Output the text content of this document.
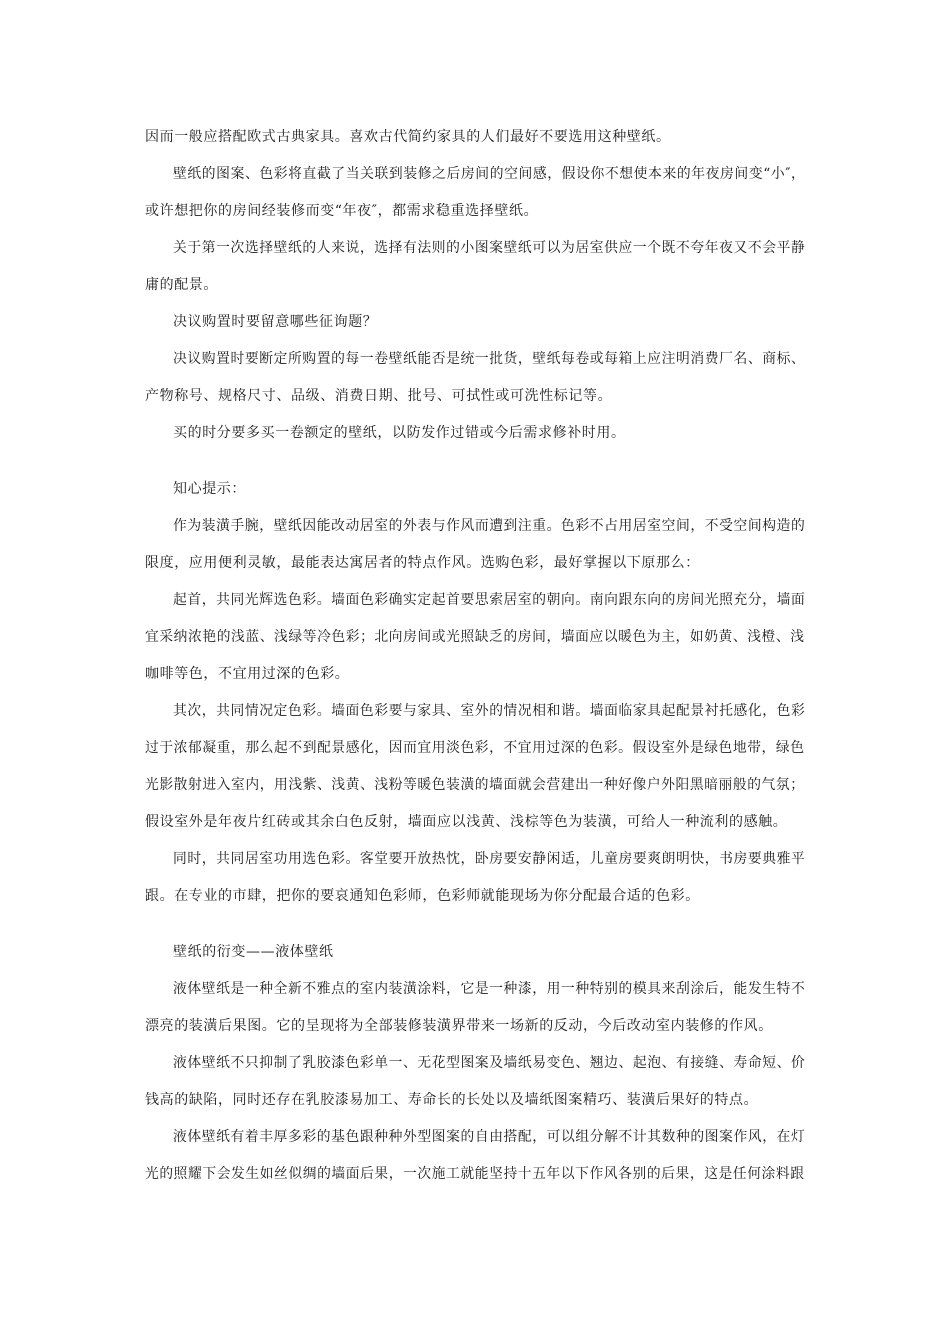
因而一般应搭配欧式古典家具。喜欢古代简约家具的人们最好不要选用这种壁纸。
壁纸的图案、色彩将直截了当关联到装修之后房间的空间感，假设你不想使本来的年夜房间变“小″，
或许想把你的房间经装修而变“年夜″，都需求稳重选择壁纸。
关于第一次选择壁纸的人来说，选择有法则的小图案壁纸可以为居室供应一个既不夸年夜又不会平静
庸的配景。
决议购置时要留意哪些征询题？
决议购置时要断定所购置的每一卷壁纸能否是统一批货，壁纸每卷或每箱上应注明消费厂名、商标、
产物称号、规格尺寸、品级、消费日期、批号、可拭性或可洗性标记等。
买的时分要多买一卷额定的壁纸，以防发作过错或今后需求修补时用。
知心提示：
作为装潢手腕，壁纸因能改动居室的外表与作风而遭到注重。色彩不占用居室空间，不受空间构造的
限度，应用便利灵敏，最能表达寓居者的特点作风。选购色彩，最好掌握以下原那么：
起首，共同光辉选色彩。墙面色彩确实定起首要思索居室的朝向。南向跟东向的房间光照充分，墙面
宜采纳浓艳的浅蓝、浅绿等冷色彩；北向房间或光照缺乏的房间，墙面应以暖色为主，如奶黄、浅橙、浅
咖啡等色，不宜用过深的色彩。
其次，共同情况定色彩。墙面色彩要与家具、室外的情况相和谐。墙面临家具起配景衬托感化，色彩
过于浓郁凝重，那么起不到配景感化，因而宜用淡色彩，不宜用过深的色彩。假设室外是绿色地带，绿色
光影散射进入室内，用浅紫、浅黄、浅粉等暖色装潢的墙面就会营建出一种好像户外阳黑暗丽般的气氛；
假设室外是年夜片红砖或其余白色反射，墙面应以浅黄、浅棕等色为装潢，可给人一种流利的感触。
同时，共同居室功用选色彩。客堂要开放热忱，卧房要安静闲适，儿童房要爽朗明快，书房要典雅平
跟。在专业的市肆，把你的要哀通知色彩师，色彩师就能现场为你分配最合适的色彩。
壁纸的衍变——液体壁纸
液体壁纸是一种全新不雅点的室内装潢涂料，它是一种漆，用一种特别的模具来刮涂后，能发生特不
漂亮的装潢后果图。它的呈现将为全部装修装潢界带来一场新的反动，今后改动室内装修的作风。
液体壁纸不只抑制了乳胶漆色彩单一、无花型图案及墙纸易变色、翘边、起泡、有接缝、寿命短、价
钱高的缺陷，同时还存在乳胶漆易加工、寿命长的长处以及墙纸图案精巧、装潢后果好的特点。
液体壁纸有着丰厚多彩的基色跟种种外型图案的自由搭配，可以组分解不计其数种的图案作风，在灯
光的照耀下会发生如丝似绸的墙面后果，一次施工就能坚持十五年以下作风各别的后果，这是任何涂料跟
